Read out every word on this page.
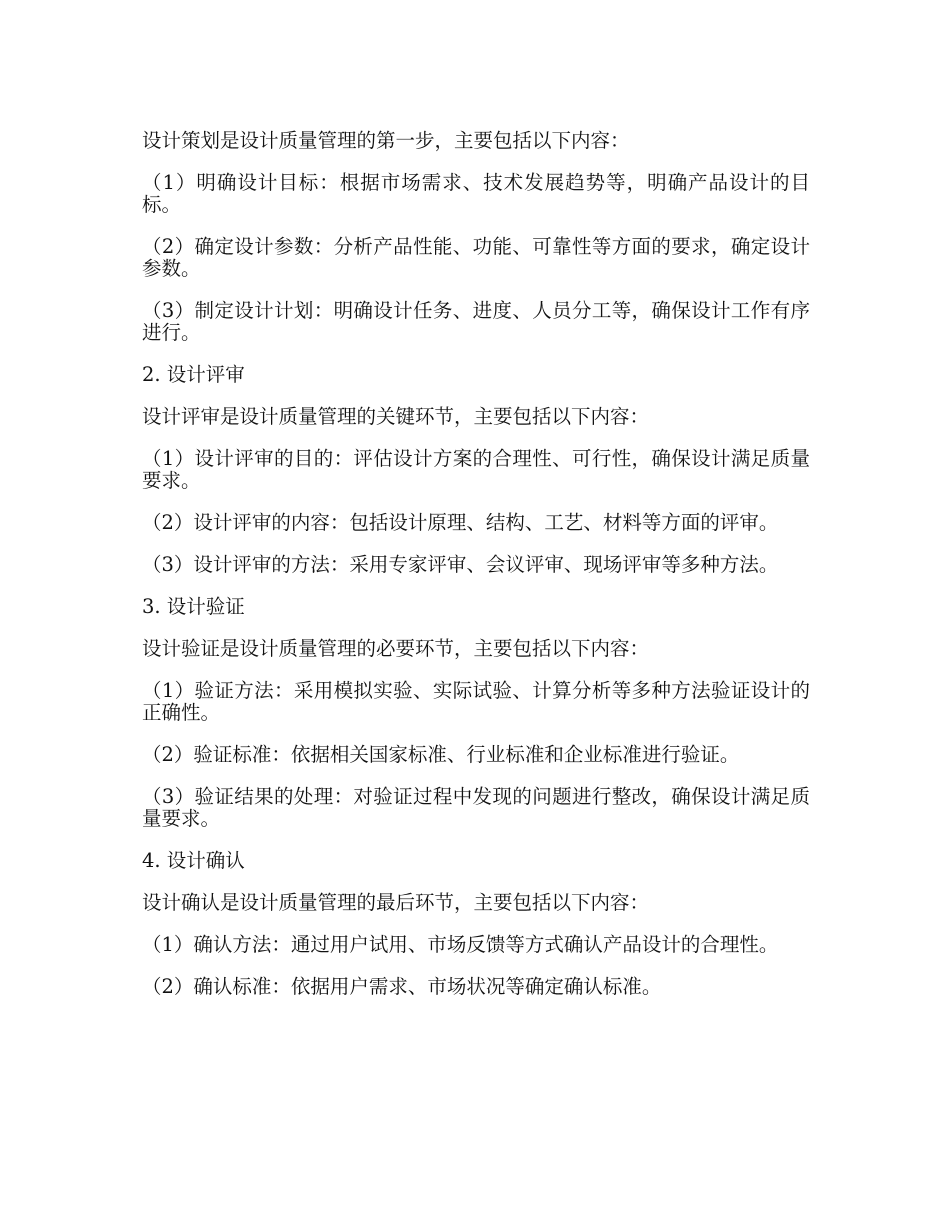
设计策划是设计质量管理的第一步，主要包括以下内容：

（1）明确设计目标：根据市场需求、技术发展趋势等，明确产品设计的目标。

（2）确定设计参数：分析产品性能、功能、可靠性等方面的要求，确定设计参数。

（3）制定设计计划：明确设计任务、进度、人员分工等，确保设计工作有序进行。

2. 设计评审

设计评审是设计质量管理的关键环节，主要包括以下内容：

（1）设计评审的目的：评估设计方案的合理性、可行性，确保设计满足质量要求。

（2）设计评审的内容：包括设计原理、结构、工艺、材料等方面的评审。

（3）设计评审的方法：采用专家评审、会议评审、现场评审等多种方法。

3. 设计验证

设计验证是设计质量管理的必要环节，主要包括以下内容：

（1）验证方法：采用模拟实验、实际试验、计算分析等多种方法验证设计的正确性。

（2）验证标准：依据相关国家标准、行业标准和企业标准进行验证。

（3）验证结果的处理：对验证过程中发现的问题进行整改，确保设计满足质量要求。

4. 设计确认

设计确认是设计质量管理的最后环节，主要包括以下内容：

（1）确认方法：通过用户试用、市场反馈等方式确认产品设计的合理性。

（2）确认标准：依据用户需求、市场状况等确定确认标准。
